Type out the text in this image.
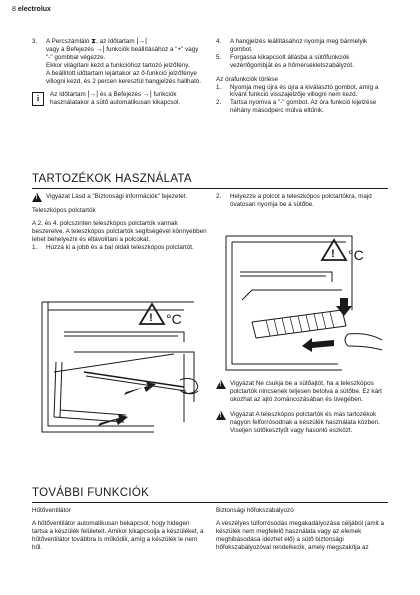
8 electrolux
3. A Percszámláló ⧗, az Időtartam |→|
vagy a Befejezés →| funkciók beállításához a "+" vagy "-" gombbal végezze.
Ekkor világítani kezd a funkcióhoz tartozó jelzőfény.
A beállított időtartam lejártakor az ő-funkció jelzőfénye villogni kezd, és 2 percen keresztül hangjelzés hallható.
i	Az Időtartam |→| és a Befejezés →| funkciók használatakor a sütő automatikusan kikapcsol.
4. A hangjelzés leállításához nyomja meg bármelyik gombot.
5. Forgassa kikapcsolt állásba a sütőfunkciók vezérlőgombját és a hőmérsékletszabályzót.

Az órafunkciók törlése

1. Nyomja meg újra és újra a kiválasztó gombot, amíg a kívánt funkció visszajelzője villogni nem kezd.
2. Tartsa nyomva a "-" gombot. Az óra funkció kijelzése néhány másodperc múlva eltűnik.
TARTOZÉKOK HASZNÁLATA
!
Vigyázat Lásd a "Biztonsági információk" fejezetet.

Teleszkópos polctartók

A 2. és 4. polcszinten teleszkópos polctartók vannak beszerelve. A teleszkópos polctartók segítségével könnyebben lehet behelyezni és eltávolítani a polcokat.

1. Húzza ki a jobb és a bal oldali teleszkópos polctartót.
2. Helyezze a polcot a teleszkópos polctartókra, majd óvatosan nyomja be a sütőbe.
! °C
! °C
!
Vigyázat Ne csukja be a sütőajtót, ha a teleszkópos polctartók nincsenek teljesen betolva a sütőbe. Ez kárt okozhat az ajtó zománcozásában és üvegében.
!
Vigyázat A teleszkópos polctartók és más tartozékok nagyon felforrósodnak a készülék használata közben. Viseljen sütőkesztyűt vagy hasonló eszközt.
TOVÁBBI FUNKCIÓK

Hűtőventilátor

A hűtőventilátor automatikusan bekapcsol, hogy hidegen tartsa a készülék felületeit. Amikor kikapcsolja a készüléket, a hűtőventilátor továbbra is működik, amíg a készülék le nem hűl.

Biztonsági hőfokszabályozó

A veszélyes túlforrósodás megakadályozása céljából (amit a készülék nem megfelelő használata vagy az elemek meghibásodása idézhet elő) a sütő biztonsági hőfokszabályozóval rendelkezik, amely megszakítja az
